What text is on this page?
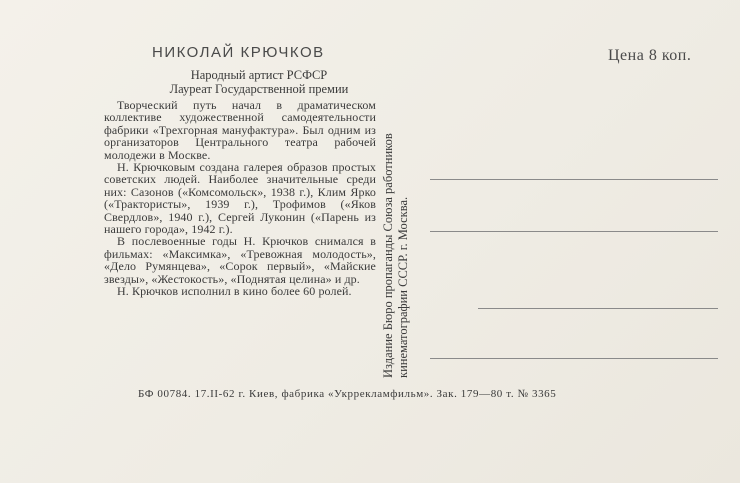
НИКОЛАЙ КРЮЧКОВ	Цена 8 коп.
Народный артист РСФСР
Лауреат Государственной премии

Творческий путь начал в драматическом коллективе художественной самодеятельности фабрики «Трехгорная мануфактура». Был одним из организаторов Центрального театра рабочей молодежи в Москве.

Н. Крючковым создана галерея образов простых советских людей. Наиболее значительные среди них: Сазонов («Комсомольск», 1938 г.), Клим Ярко («Трактористы», 1939 г.), Трофимов («Яков Свердлов», 1940 г.), Сергей Луконин («Парень из нашего города», 1942 г.).

В послевоенные годы Н. Крючков снимался в фильмах: «Максимка», «Тревожная молодость», «Дело Румянцева», «Сорок первый», «Майские звезды», «Жестокость», «Поднятая целина» и др.

Н. Крючков исполнил в кино более 60 ролей.	Издание Бюро пропаганды Союза работников кинематографии СССР. г. Москва.
БФ 00784. 17.II-62 г. Киев, фабрика «Укррекламфильм». Зак. 179—80 т. № 3365
